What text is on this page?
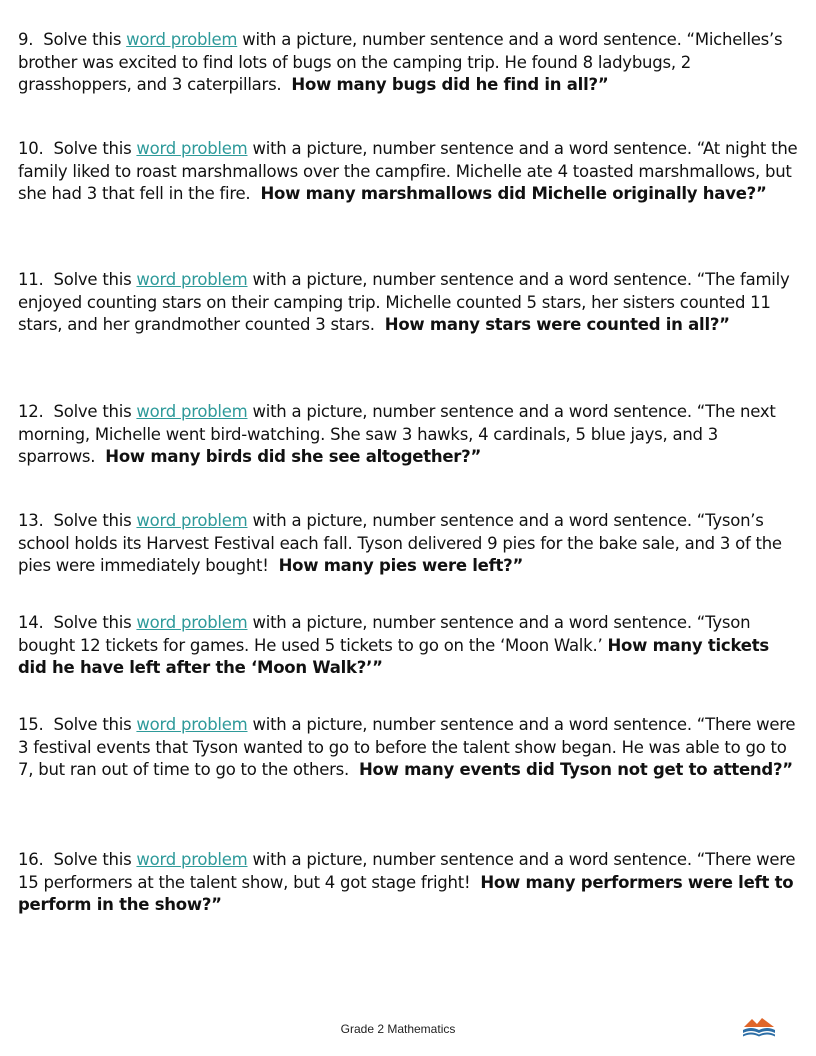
9. Solve this word problem with a picture, number sentence and a word sentence. “Michelles’s brother was excited to find lots of bugs on the camping trip. He found 8 ladybugs, 2 grasshoppers, and 3 caterpillars. How many bugs did he find in all?”
10. Solve this word problem with a picture, number sentence and a word sentence. “At night the family liked to roast marshmallows over the campfire. Michelle ate 4 toasted marshmallows, but she had 3 that fell in the fire. How many marshmallows did Michelle originally have?”
11. Solve this word problem with a picture, number sentence and a word sentence. “The family enjoyed counting stars on their camping trip. Michelle counted 5 stars, her sisters counted 11 stars, and her grandmother counted 3 stars. How many stars were counted in all?”
12. Solve this word problem with a picture, number sentence and a word sentence. “The next morning, Michelle went bird-watching. She saw 3 hawks, 4 cardinals, 5 blue jays, and 3 sparrows. How many birds did she see altogether?”
13. Solve this word problem with a picture, number sentence and a word sentence. “Tyson’s school holds its Harvest Festival each fall. Tyson delivered 9 pies for the bake sale, and 3 of the pies were immediately bought! How many pies were left?”
14. Solve this word problem with a picture, number sentence and a word sentence. “Tyson bought 12 tickets for games. He used 5 tickets to go on the ‘Moon Walk.’ How many tickets did he have left after the ‘Moon Walk?’”
15. Solve this word problem with a picture, number sentence and a word sentence. “There were 3 festival events that Tyson wanted to go to before the talent show began. He was able to go to 7, but ran out of time to go to the others. How many events did Tyson not get to attend?”
16. Solve this word problem with a picture, number sentence and a word sentence. “There were 15 performers at the talent show, but 4 got stage fright! How many performers were left to perform in the show?”
Grade 2 Mathematics
